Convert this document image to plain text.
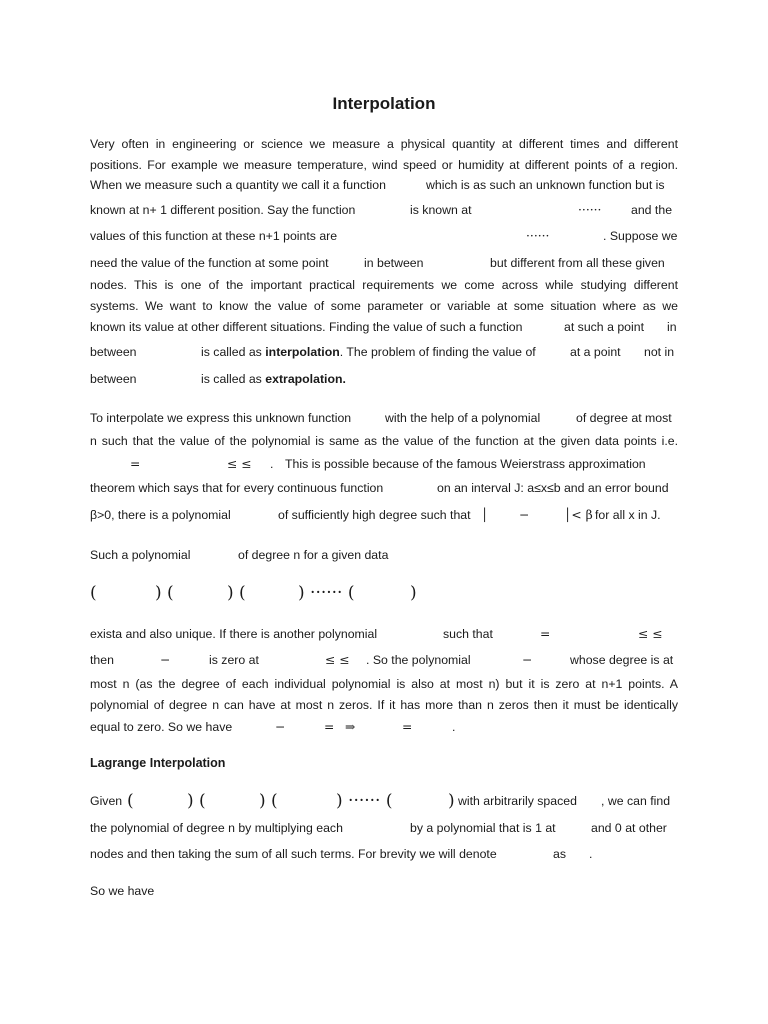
Interpolation
Very often in engineering or science we measure a physical quantity at different times and different
positions. For example we measure temperature, wind speed or humidity at different points of a region.
When we measure such a quantity we call it a function	which is as such an unknown function but is
known at n+ 1 different position. Say the function	is known at	······ and the
values of this function at these n+1 points are	······	. Suppose we
need the value of the function at some point	in between	but different from all these given
nodes. This is one of the important practical requirements we come across while studying different
systems. We want to know the value of some parameter or variable at some situation where as we
known its value at other different situations. Finding the value of such a function	at such a point in
between	is called as interpolation. The problem of finding the value of	at a point not in
between	is called as extrapolation.
To interpolate we express this unknown function	with the help of a polynomial	of degree at most
n such that the value of the polynomial is same as the value of the function at the given data points i.e.
=	≤ ≤ . This is possible because of the famous Weierstrass approximation
theorem which says that for every continuous function	on an interval J: a≤x≤b and an error bound
β>0, there is a polynomial	of sufficiently high degree such that │ −	│< β for all x in J.
Such a polynomial	of degree n for a given data
(	) (	) (	) ······ (	)
exista and also unique. If there is another polynomial	such that	=	≤ ≤
then	−	is zero at	≤ ≤ . So the polynomial	−	whose degree is at
most n (as the degree of each individual polynomial is also at most n) but it is zero at n+1 points. A
polynomial of degree n can have at most n zeros. If it has more than n zeros then it must be identically
equal to zero. So we have	−	= ⇒	=	.
Lagrange Interpolation
Given (	) (	) (	) ······ (	) with arbitrarily spaced , we can find
the polynomial of degree n by multiplying each	by a polynomial that is 1 at	and 0 at other
nodes and then taking the sum of all such terms. For brevity we will denote	as .
So we have
